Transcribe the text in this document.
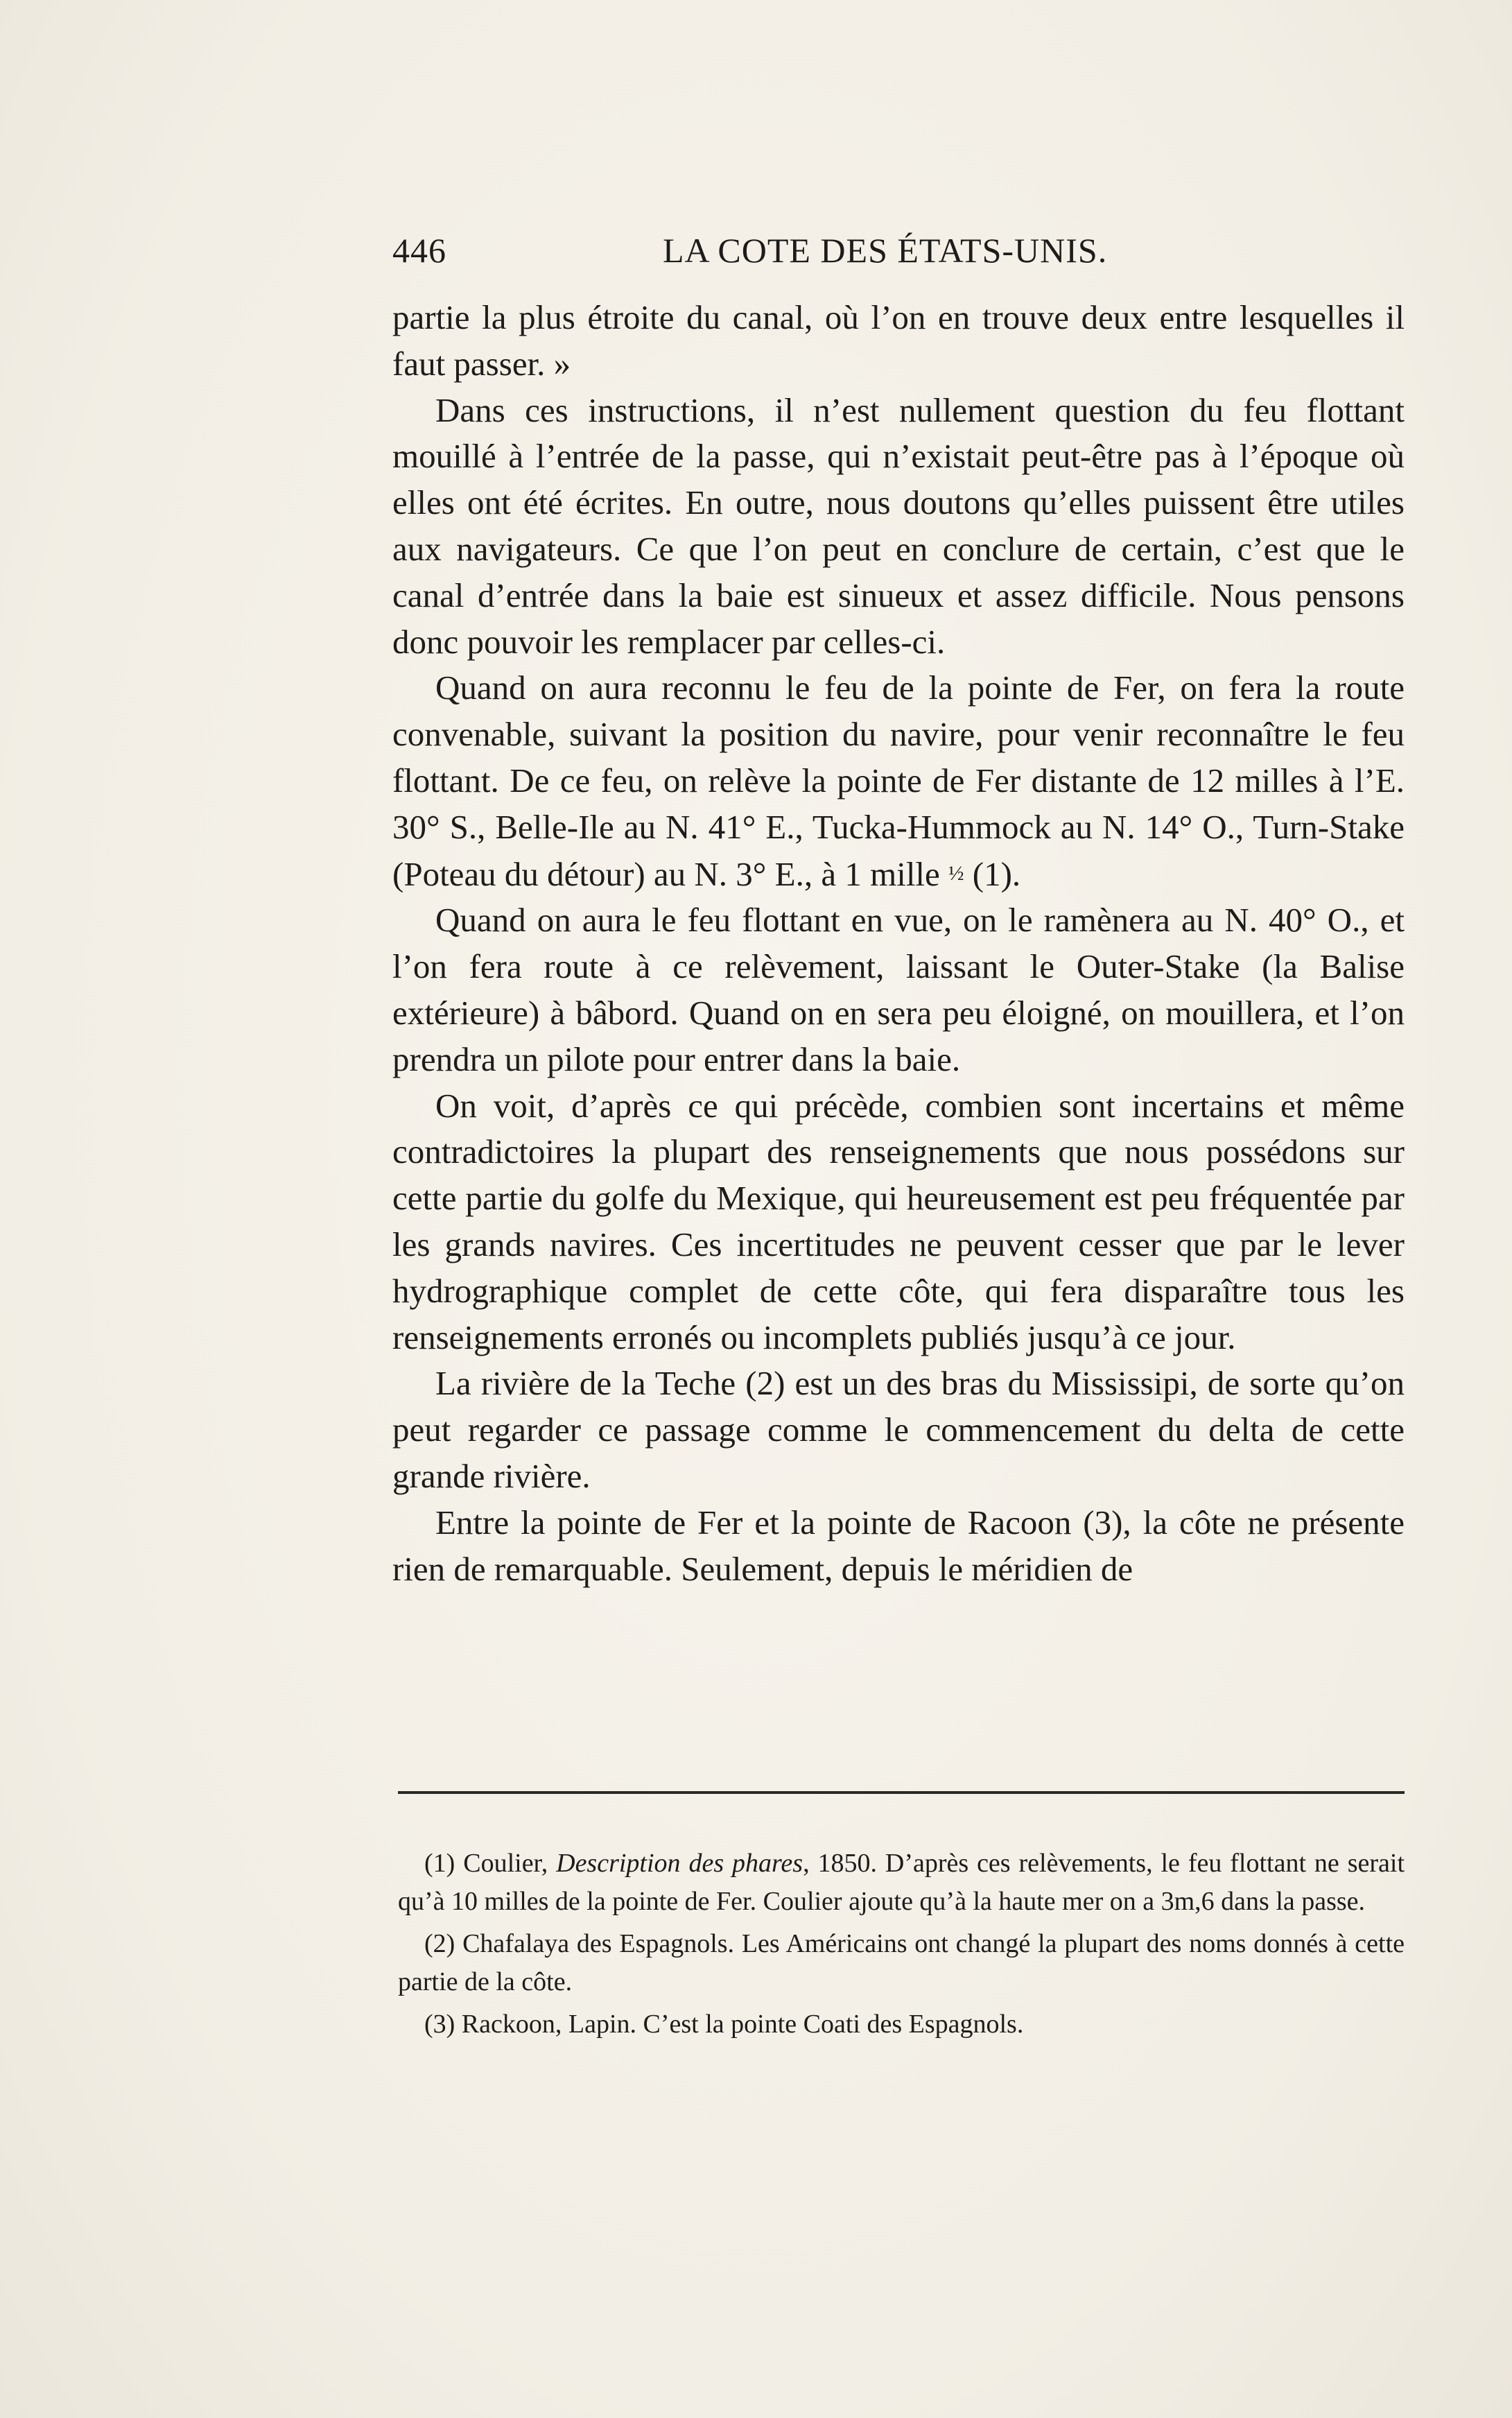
446	LA COTE DES ÉTATS-UNIS.

partie la plus étroite du canal, où l’on en trouve deux entre lesquelles il faut passer. »

Dans ces instructions, il n’est nullement question du feu flottant mouillé à l’entrée de la passe, qui n’existait peut-être pas à l’époque où elles ont été écrites. En outre, nous doutons qu’elles puissent être utiles aux navigateurs. Ce que l’on peut en conclure de certain, c’est que le canal d’entrée dans la baie est sinueux et assez difficile. Nous pensons donc pouvoir les remplacer par celles-ci.

Quand on aura reconnu le feu de la pointe de Fer, on fera la route convenable, suivant la position du navire, pour venir reconnaître le feu flottant. De ce feu, on relève la pointe de Fer distante de 12 milles à l’E. 30° S., Belle-Ile au N. 41° E., Tucka-Hummock au N. 14° O., Turn-Stake (Poteau du détour) au N. 3° E., à 1 mille ½ (1).

Quand on aura le feu flottant en vue, on le ramènera au N. 40° O., et l’on fera route à ce relèvement, laissant le Outer-Stake (la Balise extérieure) à bâbord. Quand on en sera peu éloigné, on mouillera, et l’on prendra un pilote pour entrer dans la baie.

On voit, d’après ce qui précède, combien sont incertains et même contradictoires la plupart des renseignements que nous possédons sur cette partie du golfe du Mexique, qui heureusement est peu fréquentée par les grands navires. Ces incertitudes ne peuvent cesser que par le lever hydrographique complet de cette côte, qui fera disparaître tous les renseignements erronés ou incomplets publiés jusqu’à ce jour.

La rivière de la Teche (2) est un des bras du Mississipi, de sorte qu’on peut regarder ce passage comme le commencement du delta de cette grande rivière.

Entre la pointe de Fer et la pointe de Racoon (3), la côte ne présente rien de remarquable. Seulement, depuis le méridien de

(1) Coulier, Description des phares, 1850. D’après ces relèvements, le feu flottant ne serait qu’à 10 milles de la pointe de Fer. Coulier ajoute qu’à la haute mer on a 3m,6 dans la passe.

(2) Chafalaya des Espagnols. Les Américains ont changé la plupart des noms donnés à cette partie de la côte.

(3) Rackoon, Lapin. C’est la pointe Coati des Espagnols.
